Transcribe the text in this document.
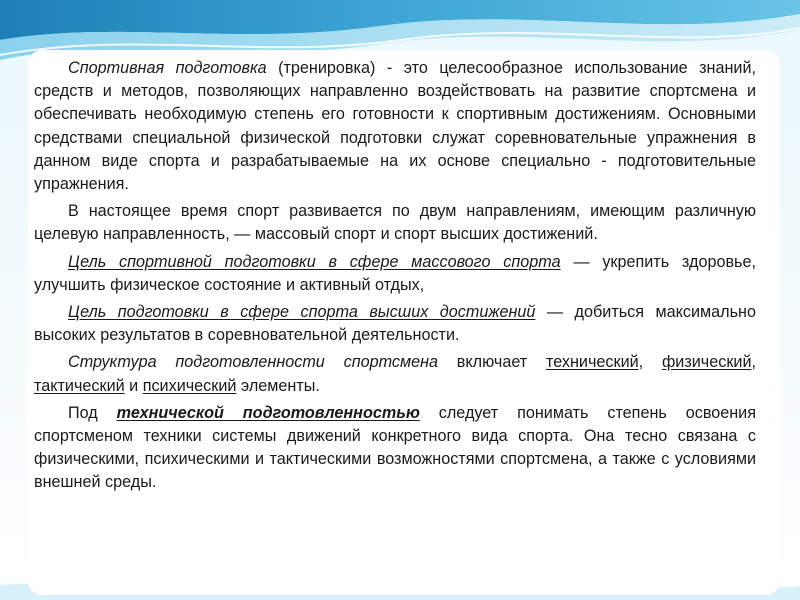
Спортивная подготовка (тренировка) - это целесообразное использование знаний, средств и методов, позволяющих направленно воздействовать на развитие спортсмена и обеспечивать необходимую степень его готовности к спортивным достижениям. Основными средствами специальной физической подготовки служат соревновательные упражнения в данном виде спорта и разрабатываемые на их основе специально - подготовительные упражнения.

В настоящее время спорт развивается по двум направлениям, имеющим различную целевую направленность, — массовый спорт и спорт высших достижений.

Цель спортивной подготовки в сфере массового спорта — укрепить здоровье, улучшить физическое состояние и активный отдых,

Цель подготовки в сфере спорта высших достижений — добиться максимально высоких результатов в соревновательной деятельности.

Структура подготовленности спортсмена включает технический, физический, тактический и психический элементы.

Под технической подготовленностью следует понимать степень освоения спортсменом техники системы движений конкретного вида спорта. Она тесно связана с физическими, психическими и тактическими возможностями спортсмена, а также с условиями внешней среды.
